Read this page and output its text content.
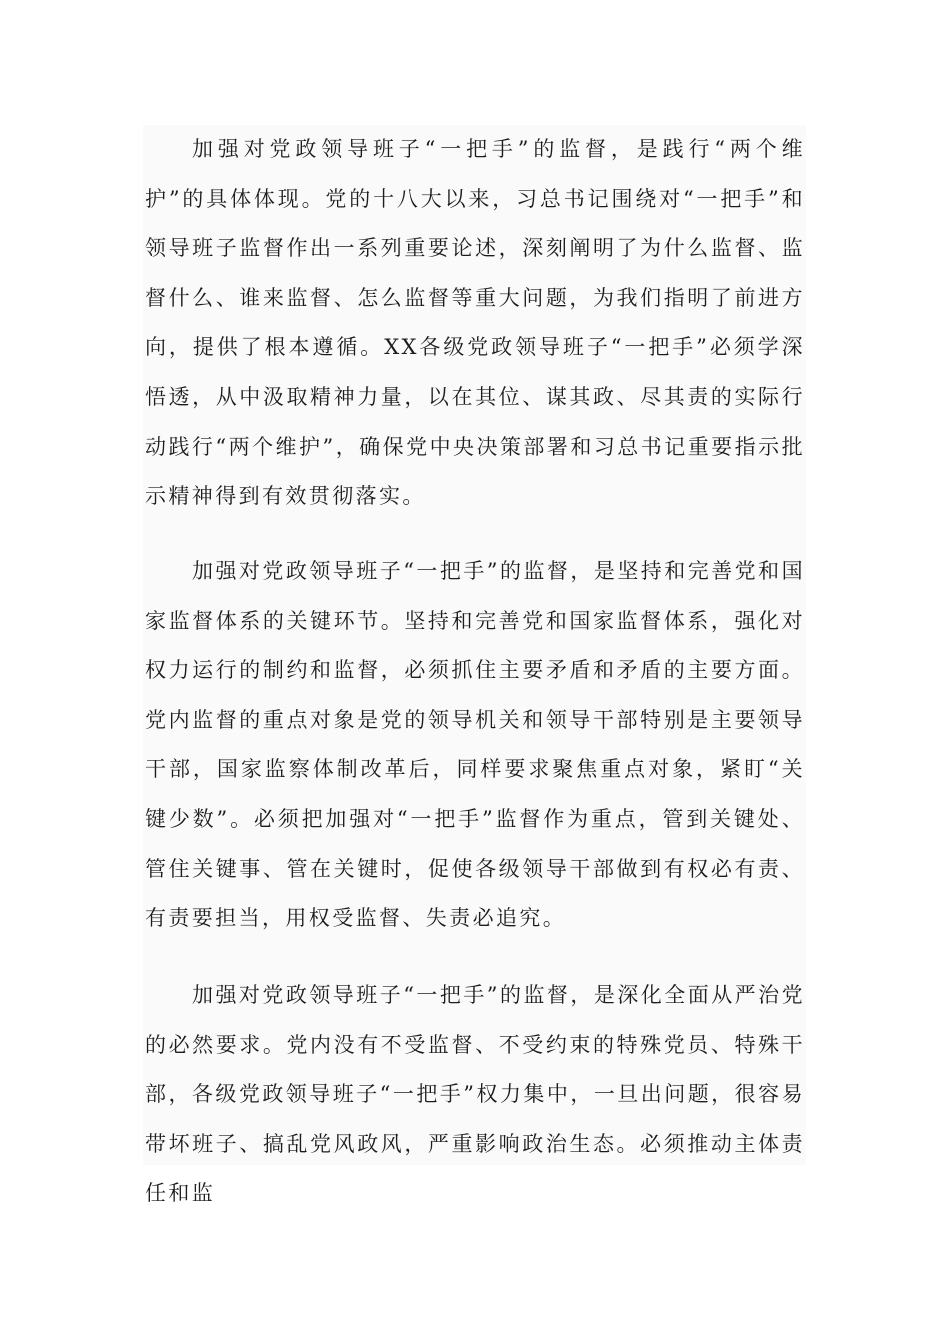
加强对党政领导班子“一把手”的监督，是践行“两个维护”的具体体现。党的十八大以来，习总书记围绕对“一把手”和领导班子监督作出一系列重要论述，深刻阐明了为什么监督、监督什么、谁来监督、怎么监督等重大问题，为我们指明了前进方向，提供了根本遵循。XX各级党政领导班子“一把手”必须学深悟透，从中汲取精神力量，以在其位、谋其政、尽其责的实际行动践行“两个维护”，确保党中央决策部署和习总书记重要指示批示精神得到有效贯彻落实。

加强对党政领导班子“一把手”的监督，是坚持和完善党和国家监督体系的关键环节。坚持和完善党和国家监督体系，强化对权力运行的制约和监督，必须抓住主要矛盾和矛盾的主要方面。党内监督的重点对象是党的领导机关和领导干部特别是主要领导干部，国家监察体制改革后，同样要求聚焦重点对象，紧盯“关键少数”。必须把加强对“一把手”监督作为重点，管到关键处、管住关键事、管在关键时，促使各级领导干部做到有权必有责、有责要担当，用权受监督、失责必追究。

加强对党政领导班子“一把手”的监督，是深化全面从严治党的必然要求。党内没有不受监督、不受约束的特殊党员、特殊干部，各级党政领导班子“一把手”权力集中，一旦出问题，很容易带坏班子、搞乱党风政风，严重影响政治生态。必须推动主体责任和监
